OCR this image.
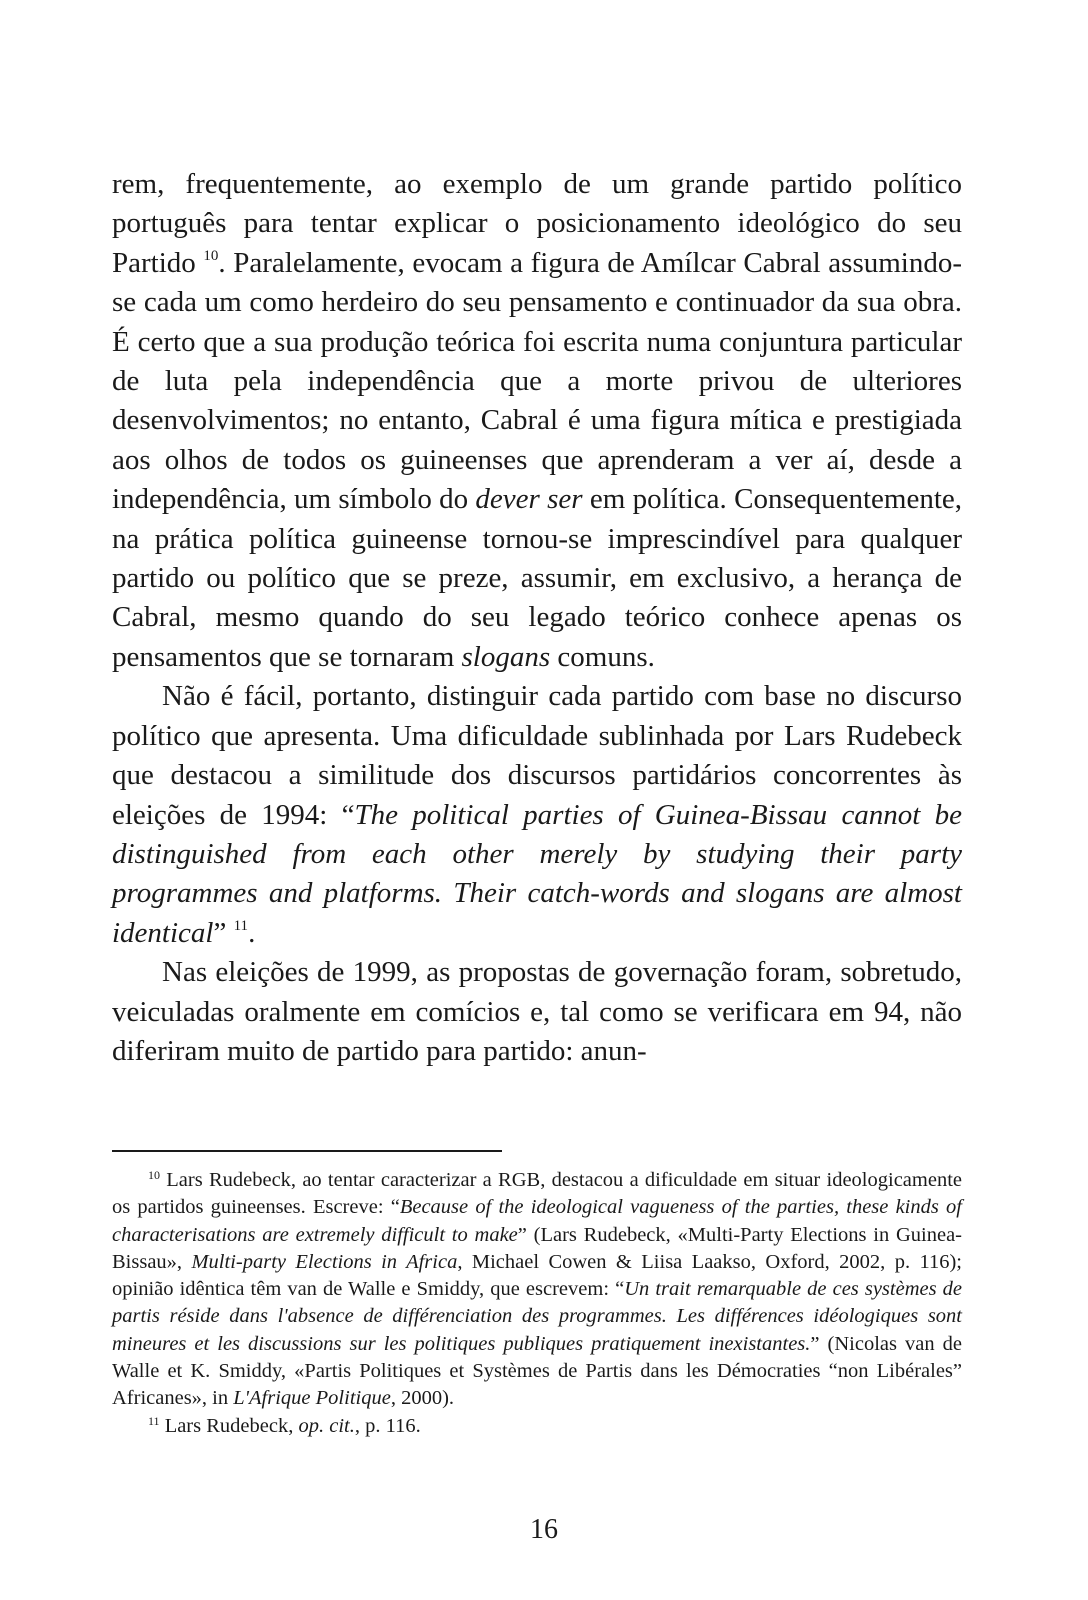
rem, frequentemente, ao exemplo de um grande partido político português para tentar explicar o posicionamento ideológico do seu Partido $^{10}$. Paralelamente, evocam a figura de Amílcar Cabral assumindo-se cada um como herdeiro do seu pensamento e continuador da sua obra. É certo que a sua produção teórica foi escrita numa conjuntura particular de luta pela independência que a morte privou de ulteriores desenvolvimentos; no entanto, Cabral é uma figura mítica e prestigiada aos olhos de todos os guineenses que aprenderam a ver aí, desde a independência, um símbolo do dever ser em política. Consequentemente, na prática política guineense tornou-se imprescindível para qualquer partido ou político que se preze, assumir, em exclusivo, a herança de Cabral, mesmo quando do seu legado teórico conhece apenas os pensamentos que se tornaram slogans comuns.

Não é fácil, portanto, distinguir cada partido com base no discurso político que apresenta. Uma dificuldade sublinhada por Lars Rudebeck que destacou a similitude dos discursos partidários concorrentes às eleições de 1994: “The political parties of Guinea-Bissau cannot be distinguished from each other merely by studying their party programmes and platforms. Their catch-words and slogans are almost identical” $^{11}$.

Nas eleições de 1999, as propostas de governação foram, sobretudo, veiculadas oralmente em comícios e, tal como se verificara em 94, não diferiram muito de partido para partido: anun-

$^{10}$ Lars Rudebeck, ao tentar caracterizar a RGB, destacou a dificuldade em situar ideologicamente os partidos guineenses. Escreve: “Because of the ideological vagueness of the parties, these kinds of characterisations are extremely difficult to make” (Lars Rudebeck, «Multi-Party Elections in Guinea-Bissau», Multi-party Elections in Africa, Michael Cowen & Liisa Laakso, Oxford, 2002, p. 116); opinião idêntica têm van de Walle e Smiddy, que escrevem: “Un trait remarquable de ces systèmes de partis réside dans l'absence de différenciation des programmes. Les différences idéologiques sont mineures et les discussions sur les politiques publiques pratiquement inexistantes.” (Nicolas van de Walle et K. Smiddy, «Partis Politiques et Systèmes de Partis dans les Démocraties “non Libérales” Africanes», in L'Afrique Politique, 2000).

$^{11}$ Lars Rudebeck, op. cit., p. 116.

16
